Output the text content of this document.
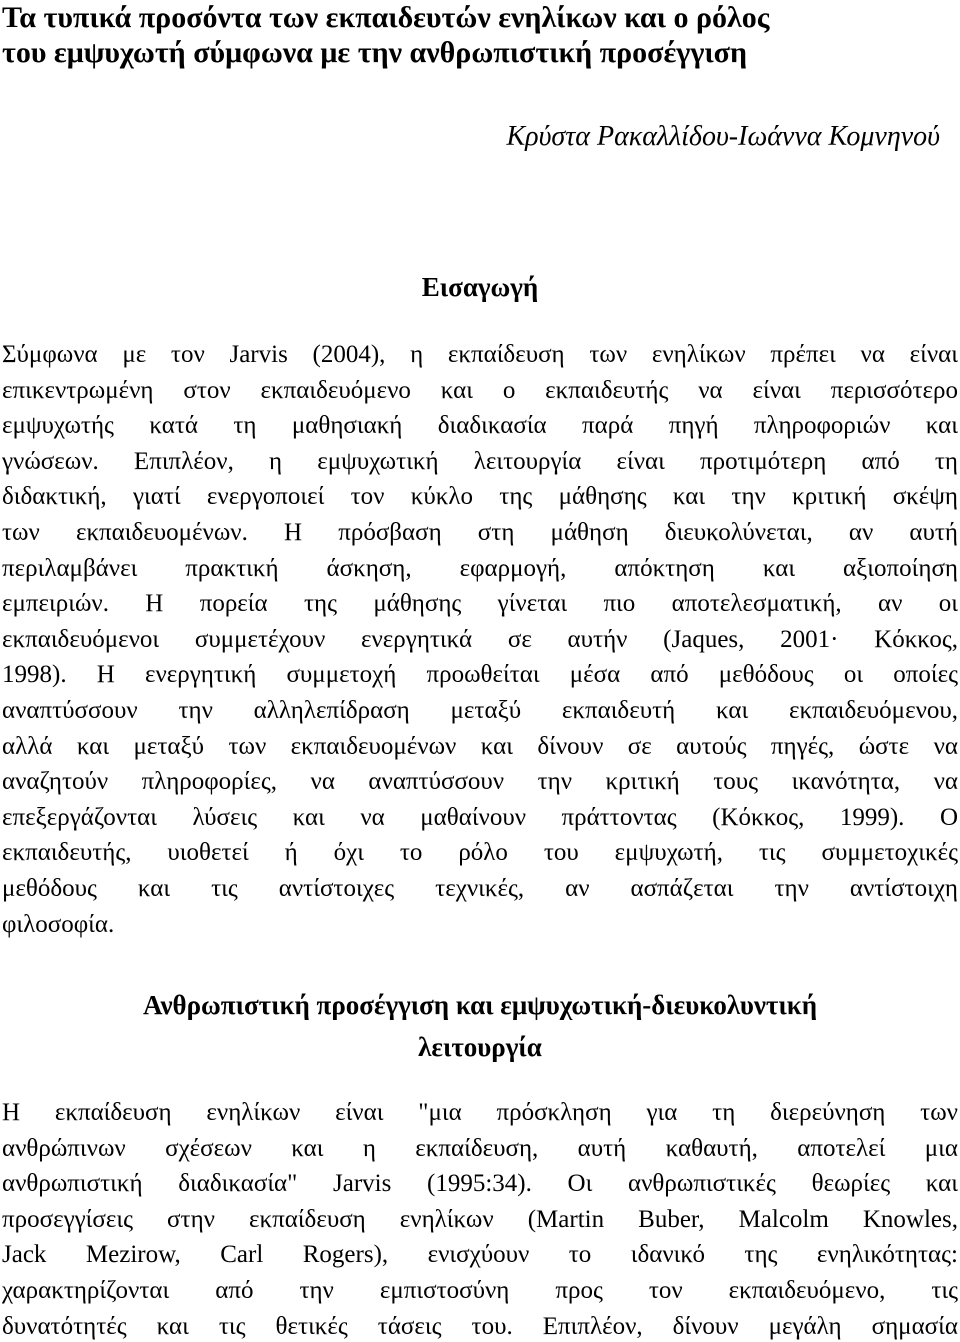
Τα τυπικά προσόντα των εκπαιδευτών ενηλίκων και ο ρόλος
του εμψυχωτή σύμφωνα με την ανθρωπιστική προσέγγιση

Κρύστα Ρακαλλίδου-Ιωάννα Κομνηνού

Εισαγωγή
Σύμφωνα με τον Jarvis (2004), η εκπαίδευση των ενηλίκων πρέπει να είναι
επικεντρωμένη στον εκπαιδευόμενο και ο εκπαιδευτής να είναι περισσότερο
εμψυχωτής κατά τη μαθησιακή διαδικασία παρά πηγή πληροφοριών και
γνώσεων. Επιπλέον, η εμψυχωτική λειτουργία είναι προτιμότερη από τη
διδακτική, γιατί ενεργοποιεί τον κύκλο της μάθησης και την κριτική σκέψη
των εκπαιδευομένων. Η πρόσβαση στη μάθηση διευκολύνεται, αν αυτή
περιλαμβάνει πρακτική άσκηση, εφαρμογή, απόκτηση και αξιοποίηση
εμπειριών. Η πορεία της μάθησης γίνεται πιο αποτελεσματική, αν οι
εκπαιδευόμενοι συμμετέχουν ενεργητικά σε αυτήν (Jaques, 2001· Κόκκος,
1998). Η ενεργητική συμμετοχή προωθείται μέσα από μεθόδους οι οποίες
αναπτύσσουν την αλληλεπίδραση μεταξύ εκπαιδευτή και εκπαιδευόμενου,
αλλά και μεταξύ των εκπαιδευομένων και δίνουν σε αυτούς πηγές, ώστε να
αναζητούν πληροφορίες, να αναπτύσσουν την κριτική τους ικανότητα, να
επεξεργάζονται λύσεις και να μαθαίνουν πράττοντας (Κόκκος, 1999). Ο
εκπαιδευτής, υιοθετεί ή όχι το ρόλο του εμψυχωτή, τις συμμετοχικές
μεθόδους και τις αντίστοιχες τεχνικές, αν ασπάζεται την αντίστοιχη
φιλοσοφία.
Ανθρωπιστική προσέγγιση και εμψυχωτική-διευκολυντική
λειτουργία
Η εκπαίδευση ενηλίκων είναι "μια πρόσκληση για τη διερεύνηση των
ανθρώπινων σχέσεων και η εκπαίδευση, αυτή καθαυτή, αποτελεί μια
ανθρωπιστική διαδικασία" Jarvis (1995:34). Οι ανθρωπιστικές θεωρίες και
προσεγγίσεις στην εκπαίδευση ενηλίκων (Martin Buber, Malcolm Knowles,
Jack Mezirow, Carl Rogers), ενισχύουν το ιδανικό της ενηλικότητας:
χαρακτηρίζονται από την εμπιστοσύνη προς τον εκπαιδευόμενο, τις
δυνατότητές και τις θετικές τάσεις του. Επιπλέον, δίνουν μεγάλη σημασία
